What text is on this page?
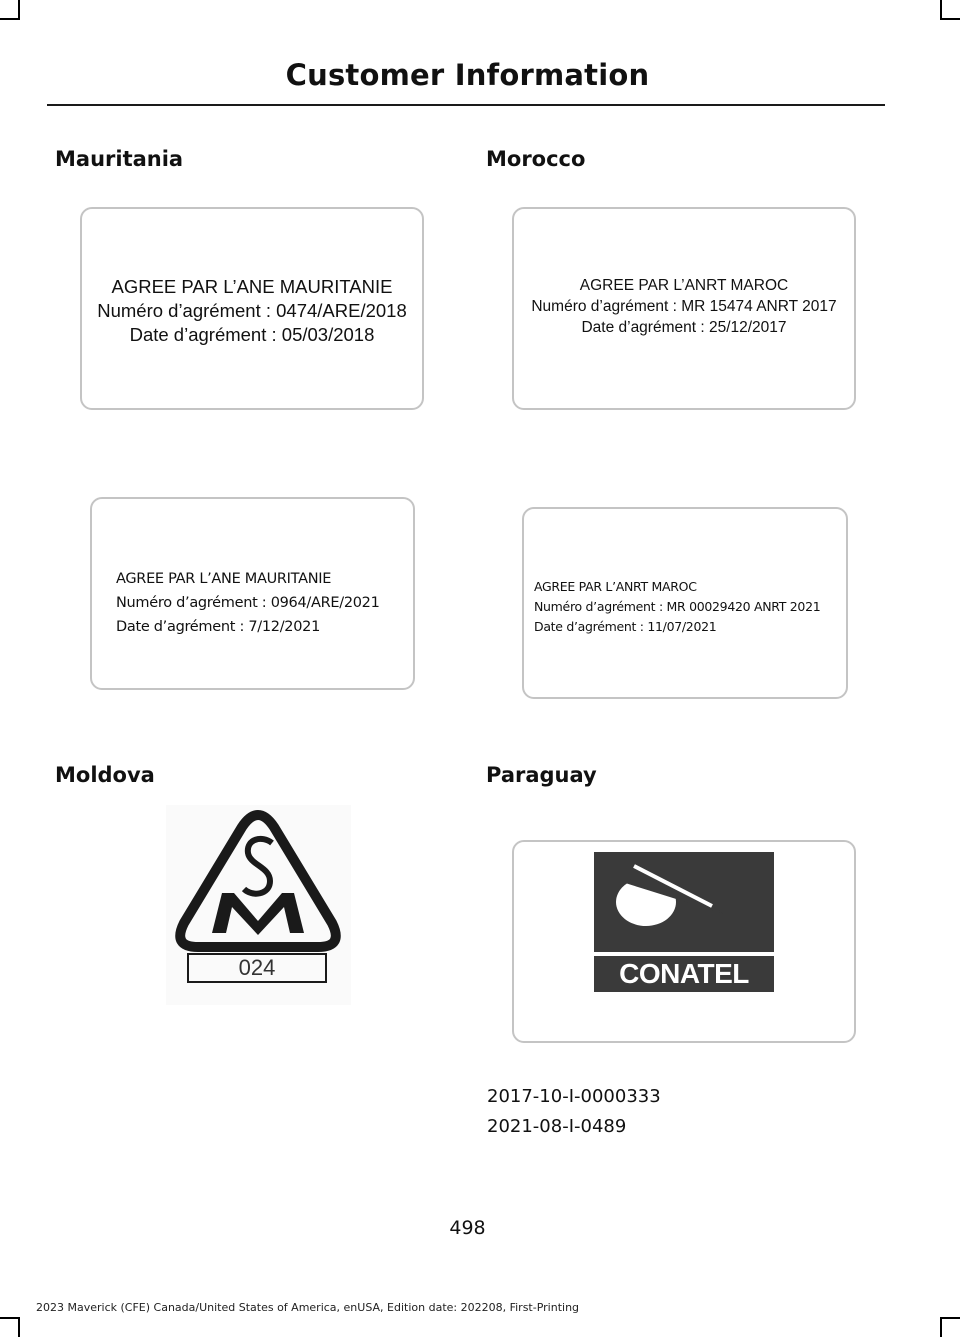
Customer Information
Mauritania
AGREE PAR L’ANE MAURITANIE
Numéro d’agrément : 0474/ARE/2018
Date d’agrément : 05/03/2018
AGREE PAR L’ANE MAURITANIE
Numéro d’agrément : 0964/ARE/2021
Date d’agrément : 7/12/2021
Morocco
AGREE PAR L’ANRT MAROC
Numéro d’agrément : MR 15474 ANRT 2017
Date d’agrément : 25/12/2017
AGREE PAR L’ANRT MAROC
Numéro d’agrément : MR 00029420 ANRT 2021
Date d’agrément : 11/07/2021
Moldova
024
Paraguay
CONATEL
2017-10-I-0000333
2021-08-I-0489
498
2023 Maverick (CFE) Canada/United States of America, enUSA, Edition date: 202208, First-Printing
